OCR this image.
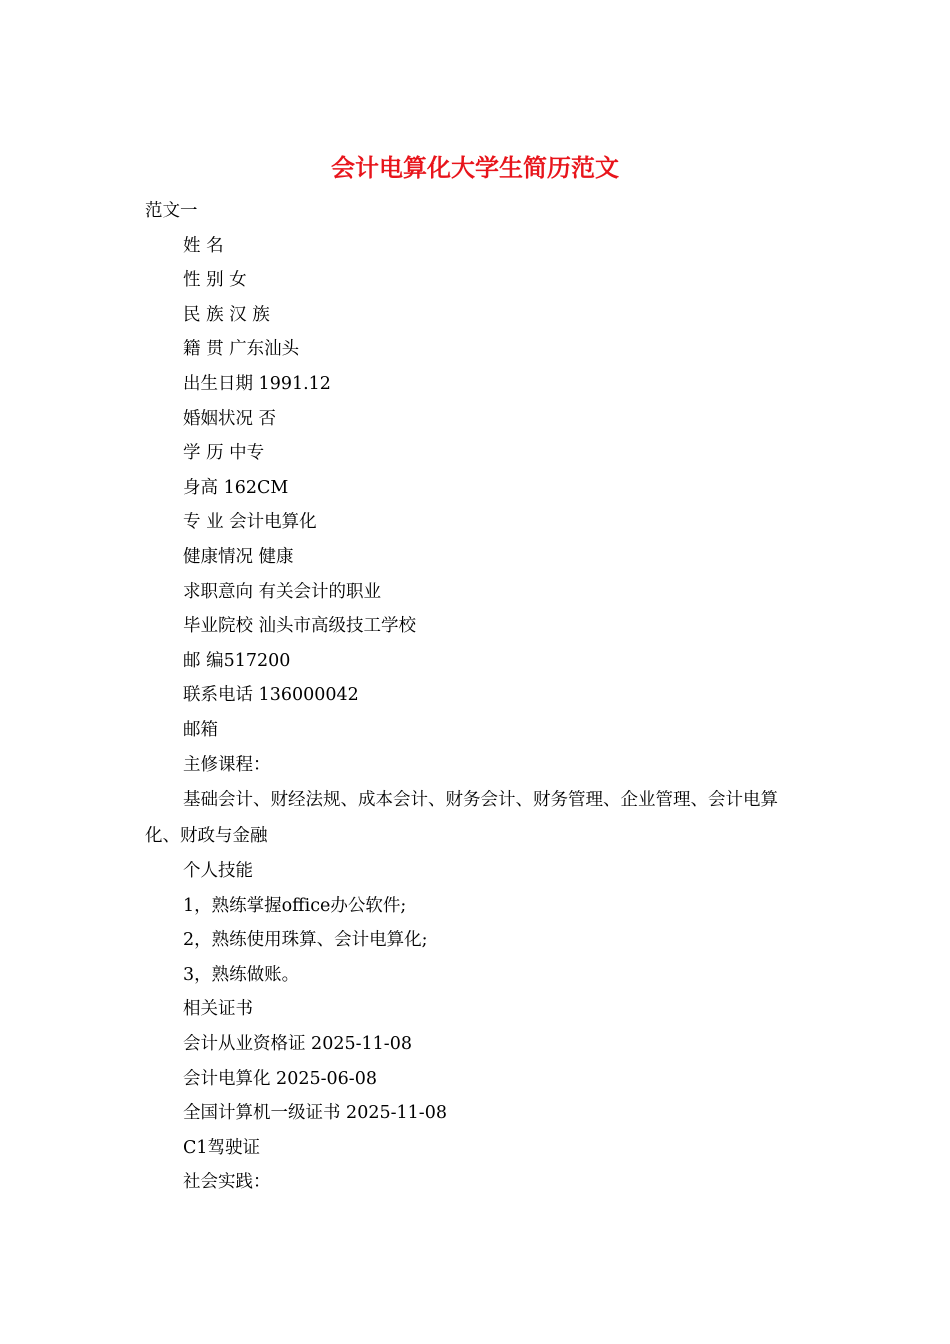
会计电算化大学生简历范文
范文一
姓 名
性 别 女
民 族 汉 族
籍 贯 广东汕头
出生日期 1991.12
婚姻状况 否
学 历 中专
身高 162CM
专 业 会计电算化
健康情况 健康
求职意向 有关会计的职业
毕业院校 汕头市高级技工学校
邮 编517200
联系电话 136000042
邮箱
主修课程：
基础会计、财经法规、成本会计、财务会计、财务管理、企业管理、会计电算化、财政与金融
个人技能
1，熟练掌握office办公软件;
2，熟练使用珠算、会计电算化;
3，熟练做账。
相关证书
会计从业资格证 2025-11-08
会计电算化 2025-06-08
全国计算机一级证书 2025-11-08
C1驾驶证
社会实践：
